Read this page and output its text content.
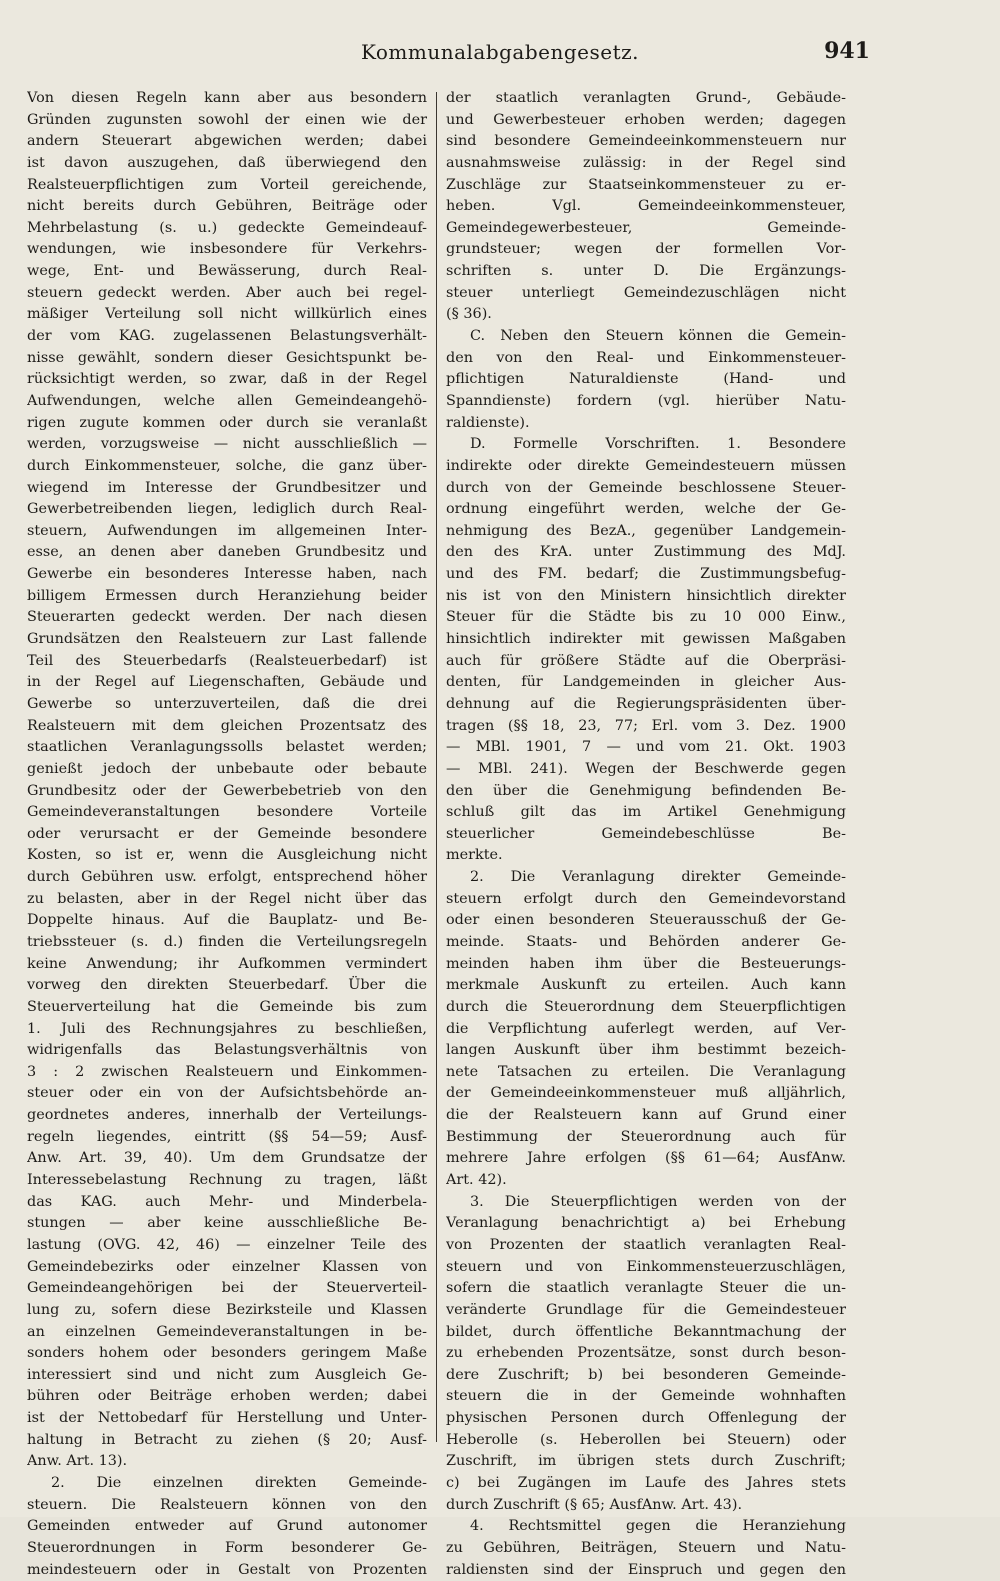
Kommunalabgabengesetz.	941
Von diesen Regeln kann aber aus besondern
Gründen zugunsten sowohl der einen wie der
andern Steuerart abgewichen werden; dabei
ist davon auszugehen, daß überwiegend den
Realsteuerpflichtigen zum Vorteil gereichende,
nicht bereits durch Gebühren, Beiträge oder
Mehrbelastung (s. u.) gedeckte Gemeindeauf-
wendungen, wie insbesondere für Verkehrs-
wege, Ent- und Bewässerung, durch Real-
steuern gedeckt werden. Aber auch bei regel-
mäßiger Verteilung soll nicht willkürlich eines
der vom KAG. zugelassenen Belastungsverhält-
nisse gewählt, sondern dieser Gesichtspunkt be-
rücksichtigt werden, so zwar, daß in der Regel
Aufwendungen, welche allen Gemeindeangehö-
rigen zugute kommen oder durch sie veranlaßt
werden, vorzugsweise — nicht ausschließlich —
durch Einkommensteuer, solche, die ganz über-
wiegend im Interesse der Grundbesitzer und
Gewerbetreibenden liegen, lediglich durch Real-
steuern, Aufwendungen im allgemeinen Inter-
esse, an denen aber daneben Grundbesitz und
Gewerbe ein besonderes Interesse haben, nach
billigem Ermessen durch Heranziehung beider
Steuerarten gedeckt werden. Der nach diesen
Grundsätzen den Realsteuern zur Last fallende
Teil des Steuerbedarfs (Realsteuerbedarf) ist
in der Regel auf Liegenschaften, Gebäude und
Gewerbe so unterzuverteilen, daß die drei
Realsteuern mit dem gleichen Prozentsatz des
staatlichen Veranlagungssolls belastet werden;
genießt jedoch der unbebaute oder bebaute
Grundbesitz oder der Gewerbebetrieb von den
Gemeindeveranstaltungen besondere Vorteile
oder verursacht er der Gemeinde besondere
Kosten, so ist er, wenn die Ausgleichung nicht
durch Gebühren usw. erfolgt, entsprechend höher
zu belasten, aber in der Regel nicht über das
Doppelte hinaus. Auf die Bauplatz- und Be-
triebssteuer (s. d.) finden die Verteilungsregeln
keine Anwendung; ihr Aufkommen vermindert
vorweg den direkten Steuerbedarf. Über die
Steuerverteilung hat die Gemeinde bis zum
1. Juli des Rechnungsjahres zu beschließen,
widrigenfalls das Belastungsverhältnis von
3 : 2 zwischen Realsteuern und Einkommen-
steuer oder ein von der Aufsichtsbehörde an-
geordnetes anderes, innerhalb der Verteilungs-
regeln liegendes, eintritt (§§ 54—59; Ausf-
Anw. Art. 39, 40). Um dem Grundsatze der
Interessebelastung Rechnung zu tragen, läßt
das KAG. auch Mehr- und Minderbela-
stungen — aber keine ausschließliche Be-
lastung (OVG. 42, 46) — einzelner Teile des
Gemeindebezirks oder einzelner Klassen von
Gemeindeangehörigen bei der Steuerverteil-
lung zu, sofern diese Bezirksteile und Klassen
an einzelnen Gemeindeveranstaltungen in be-
sonders hohem oder besonders geringem Maße
interessiert sind und nicht zum Ausgleich Ge-
bühren oder Beiträge erhoben werden; dabei
ist der Nettobedarf für Herstellung und Unter-
haltung in Betracht zu ziehen (§ 20; Ausf-
Anw. Art. 13).
2. Die einzelnen direkten Gemeinde-
steuern. Die Realsteuern können von den
Gemeinden entweder auf Grund autonomer
Steuerordnungen in Form besonderer Ge-
meindesteuern oder in Gestalt von Prozenten
der staatlich veranlagten Grund-, Gebäude-
und Gewerbesteuer erhoben werden; dagegen
sind besondere Gemeindeeinkommensteuern nur
ausnahmsweise zulässig: in der Regel sind
Zuschläge zur Staatseinkommensteuer zu er-
heben. Vgl. Gemeindeeinkommensteuer,
Gemeindegewerbesteuer, Gemeinde-
grundsteuer; wegen der formellen Vor-
schriften s. unter D. Die Ergänzungs-
steuer unterliegt Gemeindezuschlägen nicht
(§ 36).
C. Neben den Steuern können die Gemein-
den von den Real- und Einkommensteuer-
pflichtigen Naturaldienste (Hand- und
Spanndienste) fordern (vgl. hierüber Natu-
raldienste).
D. Formelle Vorschriften. 1. Besondere
indirekte oder direkte Gemeindesteuern müssen
durch von der Gemeinde beschlossene Steuer-
ordnung eingeführt werden, welche der Ge-
nehmigung des BezA., gegenüber Landgemein-
den des KrA. unter Zustimmung des MdJ.
und des FM. bedarf; die Zustimmungsbefug-
nis ist von den Ministern hinsichtlich direkter
Steuer für die Städte bis zu 10 000 Einw.,
hinsichtlich indirekter mit gewissen Maßgaben
auch für größere Städte auf die Oberpräsi-
denten, für Landgemeinden in gleicher Aus-
dehnung auf die Regierungspräsidenten über-
tragen (§§ 18, 23, 77; Erl. vom 3. Dez. 1900
— MBl. 1901, 7 — und vom 21. Okt. 1903
— MBl. 241). Wegen der Beschwerde gegen
den über die Genehmigung befindenden Be-
schluß gilt das im Artikel Genehmigung
steuerlicher Gemeindebeschlüsse Be-
merkte.
2. Die Veranlagung direkter Gemeinde-
steuern erfolgt durch den Gemeindevorstand
oder einen besonderen Steuerausschuß der Ge-
meinde. Staats- und Behörden anderer Ge-
meinden haben ihm über die Besteuerungs-
merkmale Auskunft zu erteilen. Auch kann
durch die Steuerordnung dem Steuerpflichtigen
die Verpflichtung auferlegt werden, auf Ver-
langen Auskunft über ihm bestimmt bezeich-
nete Tatsachen zu erteilen. Die Veranlagung
der Gemeindeeinkommensteuer muß alljährlich,
die der Realsteuern kann auf Grund einer
Bestimmung der Steuerordnung auch für
mehrere Jahre erfolgen (§§ 61—64; AusfAnw.
Art. 42).
3. Die Steuerpflichtigen werden von der
Veranlagung benachrichtigt a) bei Erhebung
von Prozenten der staatlich veranlagten Real-
steuern und von Einkommensteuerzuschlägen,
sofern die staatlich veranlagte Steuer die un-
veränderte Grundlage für die Gemeindesteuer
bildet, durch öffentliche Bekanntmachung der
zu erhebenden Prozentsätze, sonst durch beson-
dere Zuschrift; b) bei besonderen Gemeinde-
steuern die in der Gemeinde wohnhaften
physischen Personen durch Offenlegung der
Heberolle (s. Heberollen bei Steuern) oder
Zuschrift, im übrigen stets durch Zuschrift;
c) bei Zugängen im Laufe des Jahres stets
durch Zuschrift (§ 65; AusfAnw. Art. 43).
4. Rechtsmittel gegen die Heranziehung
zu Gebühren, Beiträgen, Steuern und Natu-
raldiensten sind der Einspruch und gegen den
